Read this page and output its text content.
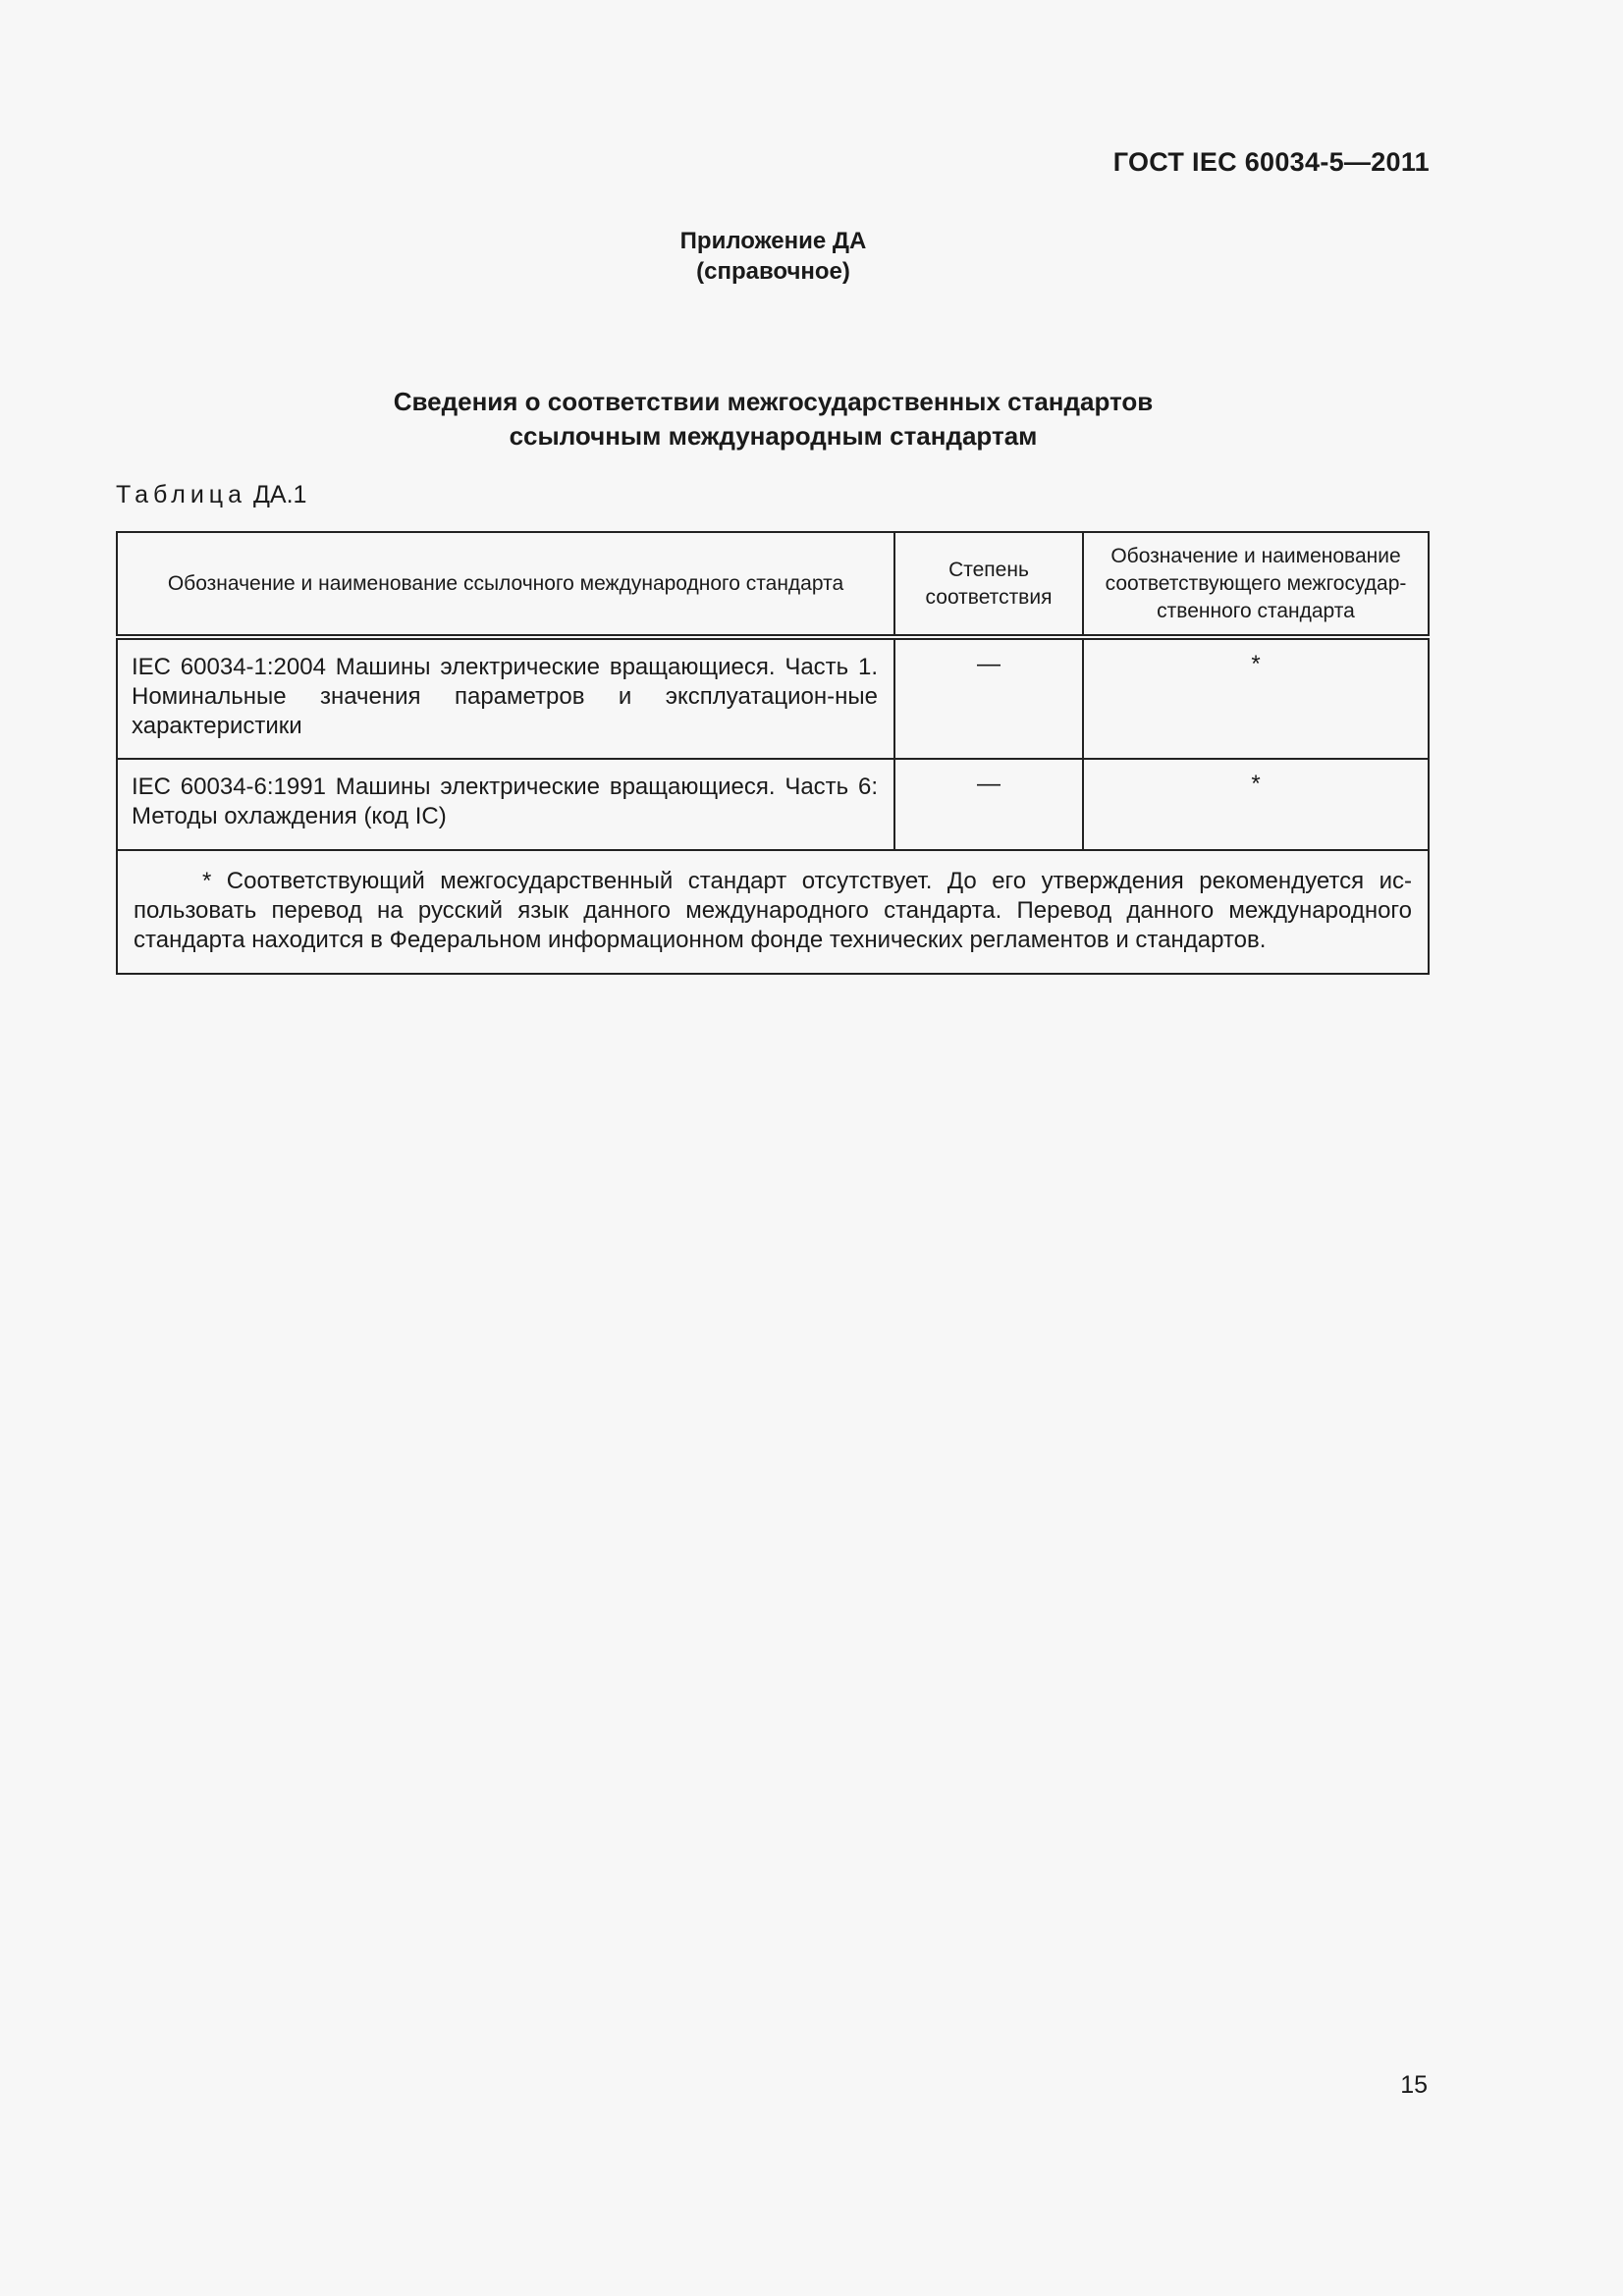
ГОСТ IEC 60034-5—2011
Приложение ДА
(справочное)
Сведения о соответствии межгосударственных стандартов
ссылочным международным стандартам
Таблица ДА.1
Обозначение и наименование ссылочного международного стандарта	Степень соответствия	Обозначение и наименование соответствующего межгосудар-ственного стандарта
IEC 60034-1:2004 Машины электрические вращающиеся. Часть 1. Номинальные значения параметров и эксплуатацион-ные характеристики	—	*
IEC 60034-6:1991 Машины электрические вращающиеся. Часть 6: Методы охлаждения (код IC)	—	*
* Соответствующий межгосударственный стандарт отсутствует. До его утверждения рекомендуется ис-пользовать перевод на русский язык данного международного стандарта. Перевод данного международного стандарта находится в Федеральном информационном фонде технических регламентов и стандартов.		
15
